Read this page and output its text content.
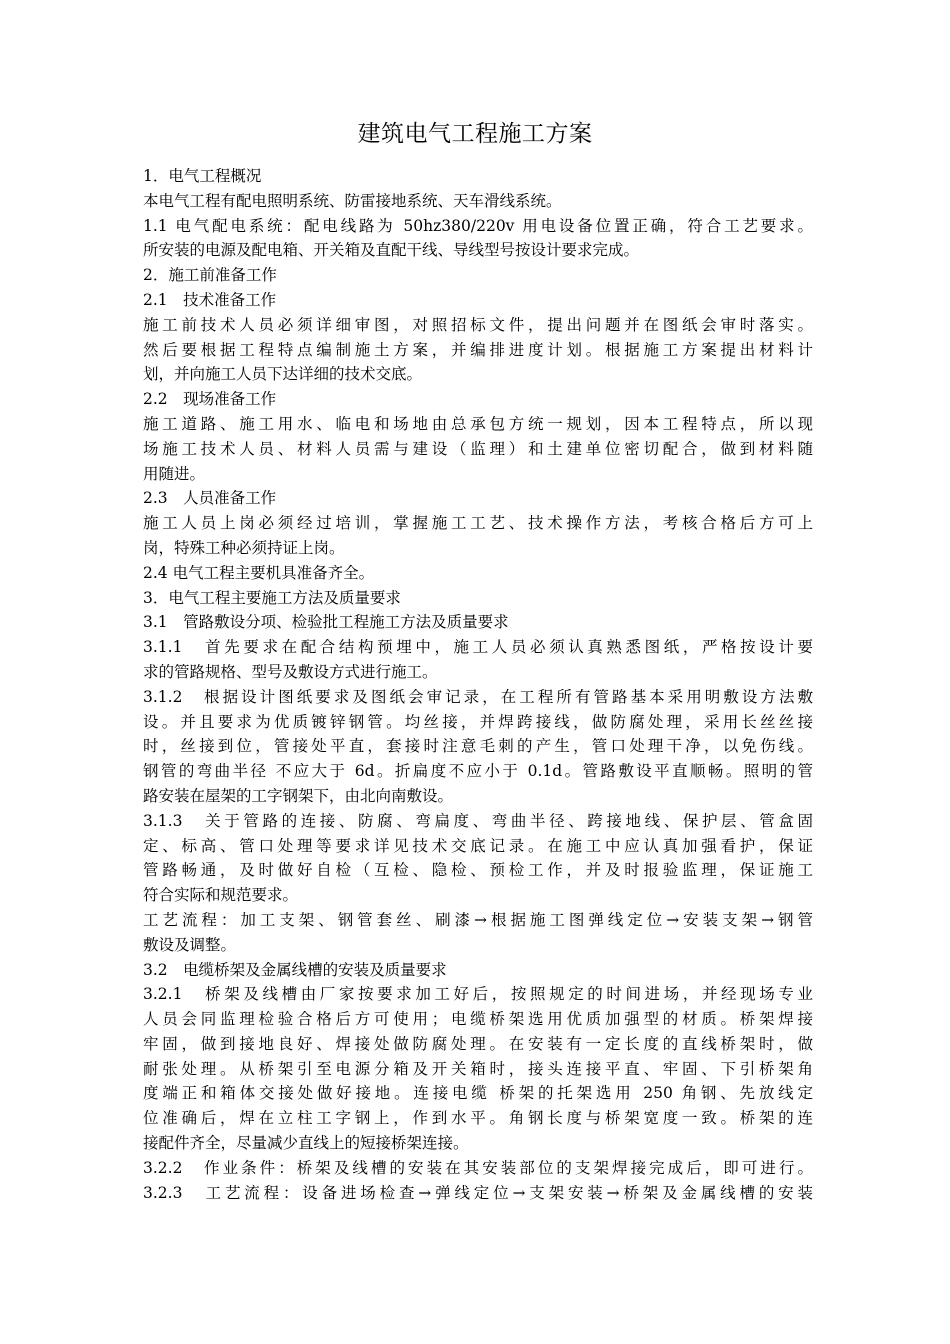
建筑电气工程施工方案
1．电气工程概况
本电气工程有配电照明系统、防雷接地系统、天车滑线系统。
1.1 电气配电系统：配电线路为 50hz380/220v 用电设备位置正确，符合工艺要求。
所安装的电源及配电箱、开关箱及直配干线、导线型号按设计要求完成。
2．施工前准备工作
2.1　技术准备工作
施工前技术人员必须详细审图，对照招标文件，提出问题并在图纸会审时落实。
然后要根据工程特点编制施土方案，并编排进度计划。根据施工方案提出材料计
划，并向施工人员下达详细的技术交底。
2.2　现场准备工作
施工道路、施工用水、临电和场地由总承包方统一规划，因本工程特点，所以现
场施工技术人员、材料人员需与建设（监理）和土建单位密切配合，做到材料随
用随进。
2.3　人员准备工作
施工人员上岗必须经过培训，掌握施工工艺、技术操作方法，考核合格后方可上
岗，特殊工种必须持证上岗。
2.4 电气工程主要机具准备齐全。
3．电气工程主要施工方法及质量要求
3.1　管路敷设分项、检验批工程施工方法及质量要求
3.1.1　首先要求在配合结构预埋中，施工人员必须认真熟悉图纸，严格按设计要
求的管路规格、型号及敷设方式进行施工。
3.1.2　根据设计图纸要求及图纸会审记录，在工程所有管路基本采用明敷设方法敷
设。并且要求为优质镀锌钢管。均丝接，并焊跨接线，做防腐处理，采用长丝丝接
时，丝接到位，管接处平直，套接时注意毛刺的产生，管口处理干净，以免伤线。
钢管的弯曲半径 不应大于 6d。折扁度不应小于 0.1d。管路敷设平直顺畅。照明的管
路安装在屋架的工字钢架下，由北向南敷设。
3.1.3　关于管路的连接、防腐、弯扁度、弯曲半径、跨接地线、保护层、管盒固
定、标高、管口处理等要求详见技术交底记录。在施工中应认真加强看护，保证
管路畅通，及时做好自检（互检、隐检、预检工作，并及时报验监理，保证施工
符合实际和规范要求。
工艺流程：加工支架、钢管套丝、刷漆→根据施工图弹线定位→安装支架→钢管
敷设及调整。
3.2　电缆桥架及金属线槽的安装及质量要求
3.2.1　桥架及线槽由厂家按要求加工好后，按照规定的时间进场，并经现场专业
人员会同监理检验合格后方可使用；电缆桥架选用优质加强型的材质。桥架焊接
牢固，做到接地良好、焊接处做防腐处理。在安装有一定长度的直线桥架时，做
耐张处理。从桥架引至电源分箱及开关箱时，接头连接平直、牢固、下引桥架角
度端正和箱体交接处做好接地。连接电缆 桥架的托架选用 250 角钢、先放线定
位准确后，焊在立柱工字钢上，作到水平。角钢长度与桥架宽度一致。桥架的连
接配件齐全，尽量减少直线上的短接桥架连接。
3.2.2　作业条件：桥架及线槽的安装在其安装部位的支架焊接完成后，即可进行。
3.2.3　工艺流程：设备进场检查→弹线定位→支架安装→桥架及金属线槽的安装
